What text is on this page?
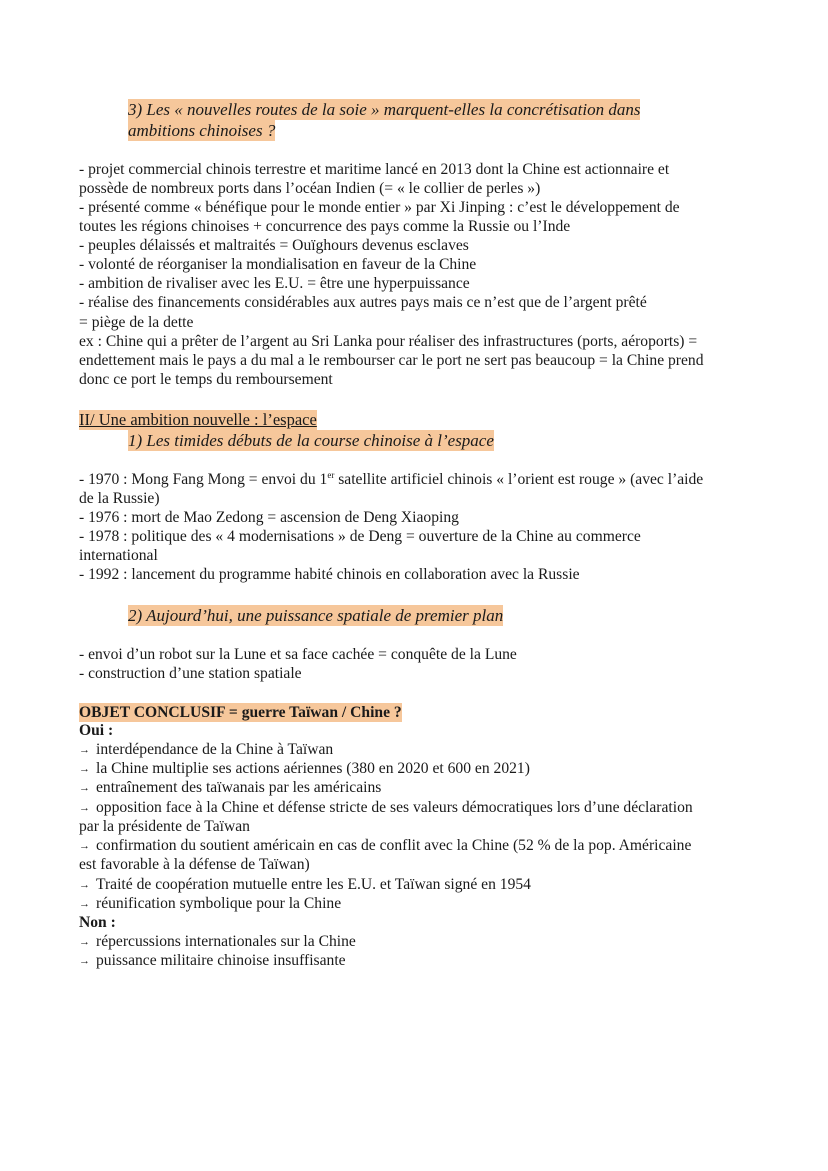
3) Les « nouvelles routes de la soie » marquent-elles la concrétisation dans
ambitions chinoises ?
- projet commercial chinois terrestre et maritime lancé en 2013 dont la Chine est actionnaire et
possède de nombreux ports dans l’océan Indien (= « le collier de perles »)
- présenté comme « bénéfique pour le monde entier » par Xi Jinping : c’est le développement de
toutes les régions chinoises + concurrence des pays comme la Russie ou l’Inde
- peuples délaissés et maltraités = Ouïghours devenus esclaves
- volonté de réorganiser la mondialisation en faveur de la Chine
- ambition de rivaliser avec les E.U. = être une hyperpuissance
- réalise des financements considérables aux autres pays mais ce n’est que de l’argent prêté
= piège de la dette
ex : Chine qui a prêter de l’argent au Sri Lanka pour réaliser des infrastructures (ports, aéroports) =
endettement mais le pays a du mal a le rembourser car le port ne sert pas beaucoup = la Chine prend
donc ce port le temps du remboursement
II/ Une ambition nouvelle : l’espace
1) Les timides débuts de la course chinoise à l’espace
- 1970 : Mong Fang Mong = envoi du 1er satellite artificiel chinois « l’orient est rouge » (avec l’aide
de la Russie)
- 1976 : mort de Mao Zedong = ascension de Deng Xiaoping
- 1978 : politique des « 4 modernisations » de Deng = ouverture de la Chine au commerce
international
- 1992 : lancement du programme habité chinois en collaboration avec la Russie
2) Aujourd’hui, une puissance spatiale de premier plan
- envoi d’un robot sur la Lune et sa face cachée = conquête de la Lune
- construction d’une station spatiale
OBJET CONCLUSIF = guerre Taïwan / Chine ?
Oui :
→ interdépendance de la Chine à Taïwan
→ la Chine multiplie ses actions aériennes (380 en 2020 et 600 en 2021)
→ entraînement des taïwanais par les américains
→ opposition face à la Chine et défense stricte de ses valeurs démocratiques lors d’une déclaration
par la présidente de Taïwan
→ confirmation du soutient américain en cas de conflit avec la Chine (52 % de la pop. Américaine
est favorable à la défense de Taïwan)
→ Traité de coopération mutuelle entre les E.U. et Taïwan signé en 1954
→ réunification symbolique pour la Chine
Non :
→ répercussions internationales sur la Chine
→ puissance militaire chinoise insuffisante
